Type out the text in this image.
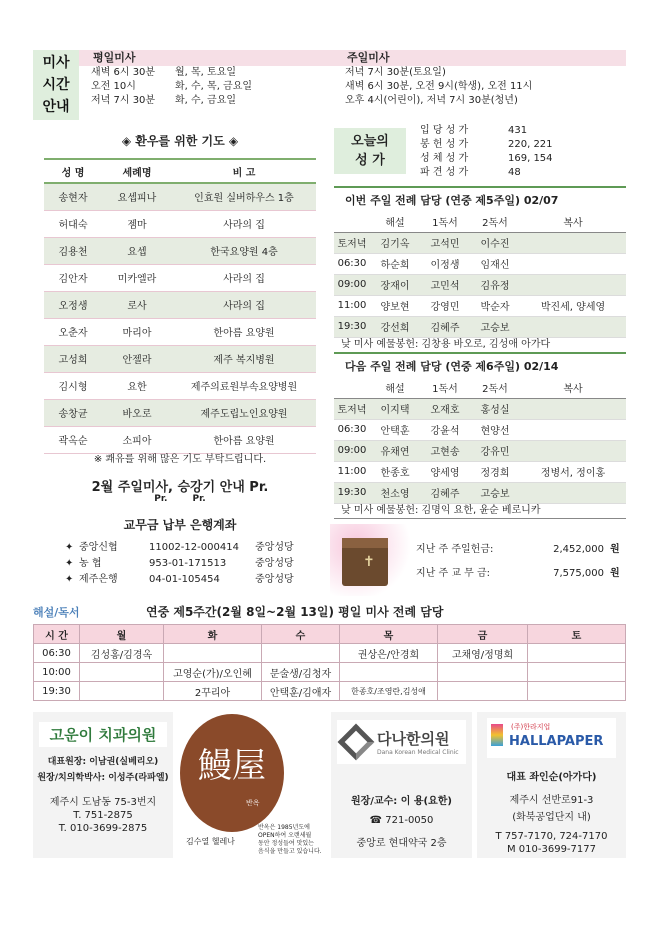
미사
시간
안내
평일미사
새벽 6시 30분 월, 목, 토요일
오전 10시	화, 수, 목, 금요일
저녁 7시 30분 화, 수, 금요일
주일미사
저녁 7시 30분(토요일)
새벽 6시 30분, 오전 9시(학생), 오전 11시
오후 4시(어린이), 저녁 7시 30분(청년)
◈ 환우를 위한 기도 ◈
성 명	세례명	비 고
송현자	요셉피나	인효원 실버하우스 1층
허대숙	젬마	사라의 집
김용천	요셉	한국요양원 4층
김안자	미카엘라	사라의 집
오정생	로사	사라의 집
오춘자	마리아	한아름 요양원
고성희	안젤라	제주 복지병원
김시형	요한	제주의료원부속요양병원
송창균	바오로	제주도립노인요양원
곽옥순	소피아	한아름 요양원
※ 쾌유를 위해 많은 기도 부탁드립니다.
2월 주일미사, 승강기 안내 Pr.
Pr.        Pr.
교무금 납부 은행계좌
✦ 중앙신협	11002-12-000414 중앙성당
✦ 농 협	953-01-171513	중앙성당
✦ 제주은행	04-01-105454	중앙성당
오늘의
성 가
입 당 성 가	431
봉 헌 성 가	220, 221
성 체 성 가	169, 154
파 견 성 가	48
이번 주일 전례 담당 (연중 제5주일) 02/07
	해설	1독서	2독서	복사
토저녁	김기옥	고석민	이수진	
06:30	하순희	이정생	임재신	
09:00	장재이	고민석	김유정	
11:00	양보현	강영민	박순자	박진세, 양세영
19:30	강선희	김혜주	고승보	
낮 미사 예물봉헌: 김창용 바오로, 김성애 아가다
다음 주일 전례 담당 (연중 제6주일) 02/14
	해설	1독서	2독서	복사
토저녁	이지택	오재호	홍성실	
06:30	안택훈	강윤석	현양선	
09:00	유채연	고현송	강유민	
11:00	한종호	양세영	정경희	정병서, 정이홍
19:30	천소영	김혜주	고승보	
낮 미사 예물봉헌: 김명익 요한, 윤순 베로니카
✝
지난 주 주일헌금:	2,452,000 원
지난 주 교 무 금:	7,575,000 원
해설/독서	연중 제5주간(2월 8일~2월 13일) 평일 미사 전례 담당
시 간	월	화	수	목	금	토
06:30	김성홍/김경옥			권상은/안경희	고채영/정명희	
10:00		고영순(가)/오인혜	문술생/김청자			
19:30		2꾸리아	안택훈/김애자	한종호/조영란,김성애		
고운이 치과의원
대표원장: 이남권(실베리오)
원장/치의학박사: 이성주(라파엘)
제주시 도남동 75-3번지
T. 751-2875
T. 010-3699-2875
鰻屋
반옥
김수열 헬레나
반옥은 1985년도에
OPEN하여 오랜세월
동안 정성들여 맛있는
음식을 만들고 있습니다.
다나한의원
Dana Korean Medical Clinic
원장/교수: 이 용(요한)
☎ 721-0050
중앙로 현대약국 2층
(주)한라지업
HALLAPAPER
대표 좌인순(아가다)
제주시 선반로91-3
(화북공업단지 내)
T 757-7170, 724-7170
M 010-3699-7177
